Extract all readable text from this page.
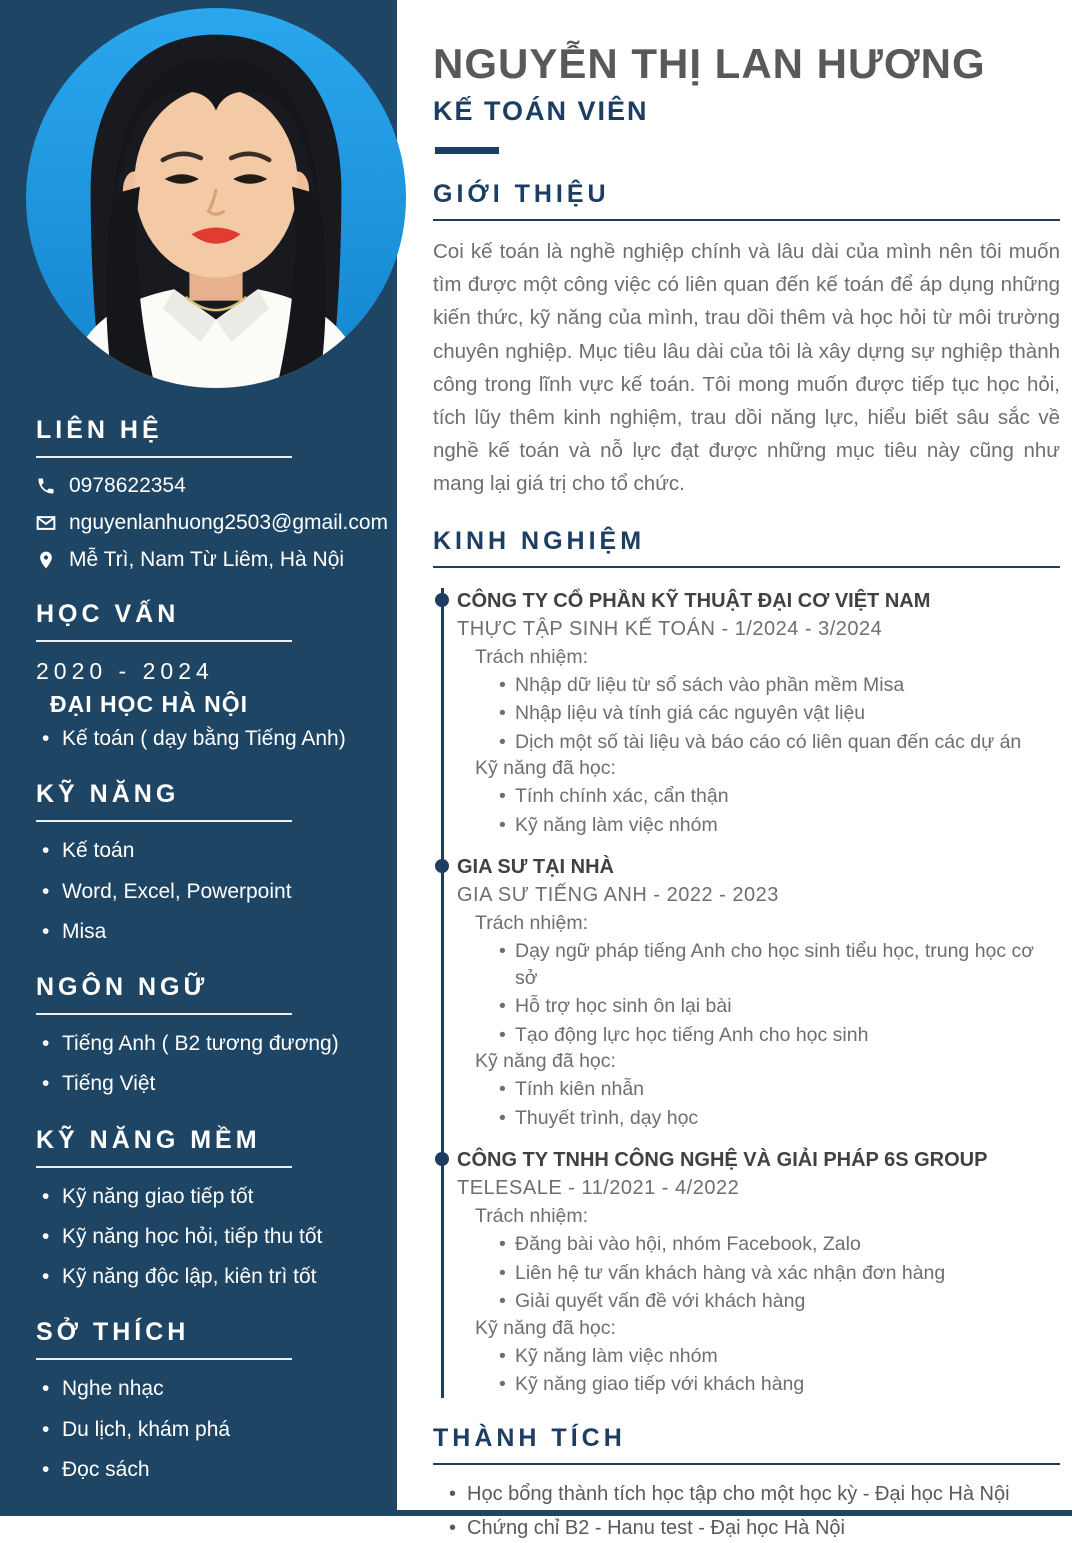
LIÊN HỆ
0978622354
nguyenlanhuong2503@gmail.com
Mễ Trì, Nam Từ Liêm, Hà Nội
HỌC VẤN
2020 - 2024
ĐẠI HỌC HÀ NỘI
• Kế toán ( dạy bằng Tiếng Anh)
KỸ NĂNG
• Kế toán
• Word, Excel, Powerpoint
• Misa
NGÔN NGỮ
• Tiếng Anh ( B2 tương đương)
• Tiếng Việt
KỸ NĂNG MỀM
• Kỹ năng giao tiếp tốt
• Kỹ năng học hỏi, tiếp thu tốt
• Kỹ năng độc lập, kiên trì tốt
SỞ THÍCH
• Nghe nhạc
• Du lịch, khám phá
• Đọc sách
NGUYỄN THỊ LAN HƯƠNG
KẾ TOÁN VIÊN
GIỚI THIỆU

Coi kế toán là nghề nghiệp chính và lâu dài của mình nên tôi muốn tìm được một công việc có liên quan đến kế toán để áp dụng những kiến thức, kỹ năng của mình, trau dồi thêm và học hỏi từ môi trường chuyên nghiệp. Mục tiêu lâu dài của tôi là xây dựng sự nghiệp thành công trong lĩnh vực kế toán. Tôi mong muốn được tiếp tục học hỏi, tích lũy thêm kinh nghiệm, trau dồi năng lực, hiểu biết sâu sắc về nghề kế toán và nỗ lực đạt được những mục tiêu này cũng như mang lại giá trị cho tổ chức.

KINH NGHIỆM
CÔNG TY CỔ PHẦN KỸ THUẬT ĐẠI CƠ VIỆT NAM
THỰC TẬP SINH KẾ TOÁN - 1/2024 - 3/2024
Trách nhiệm:
• Nhập dữ liệu từ sổ sách vào phần mềm Misa
• Nhập liệu và tính giá các nguyên vật liệu
• Dịch một số tài liệu và báo cáo có liên quan đến các dự án
Kỹ năng đã học:
• Tính chính xác, cẩn thận
• Kỹ năng làm việc nhóm
GIA SƯ TẠI NHÀ
GIA SƯ TIẾNG ANH - 2022 - 2023
Trách nhiệm:
• Dạy ngữ pháp tiếng Anh cho học sinh tiểu học, trung học cơ sở
• Hỗ trợ học sinh ôn lại bài
• Tạo động lực học tiếng Anh cho học sinh
Kỹ năng đã học:
• Tính kiên nhẫn
• Thuyết trình, dạy học
CÔNG TY TNHH CÔNG NGHỆ VÀ GIẢI PHÁP 6S GROUP
TELESALE - 11/2021 - 4/2022
Trách nhiệm:
• Đăng bài vào hội, nhóm Facebook, Zalo
• Liên hệ tư vấn khách hàng và xác nhận đơn hàng
• Giải quyết vấn đề với khách hàng
Kỹ năng đã học:
• Kỹ năng làm việc nhóm
• Kỹ năng giao tiếp với khách hàng
THÀNH TÍCH
• Học bổng thành tích học tập cho một học kỳ - Đại học Hà Nội
• Chứng chỉ B2 - Hanu test - Đại học Hà Nội
